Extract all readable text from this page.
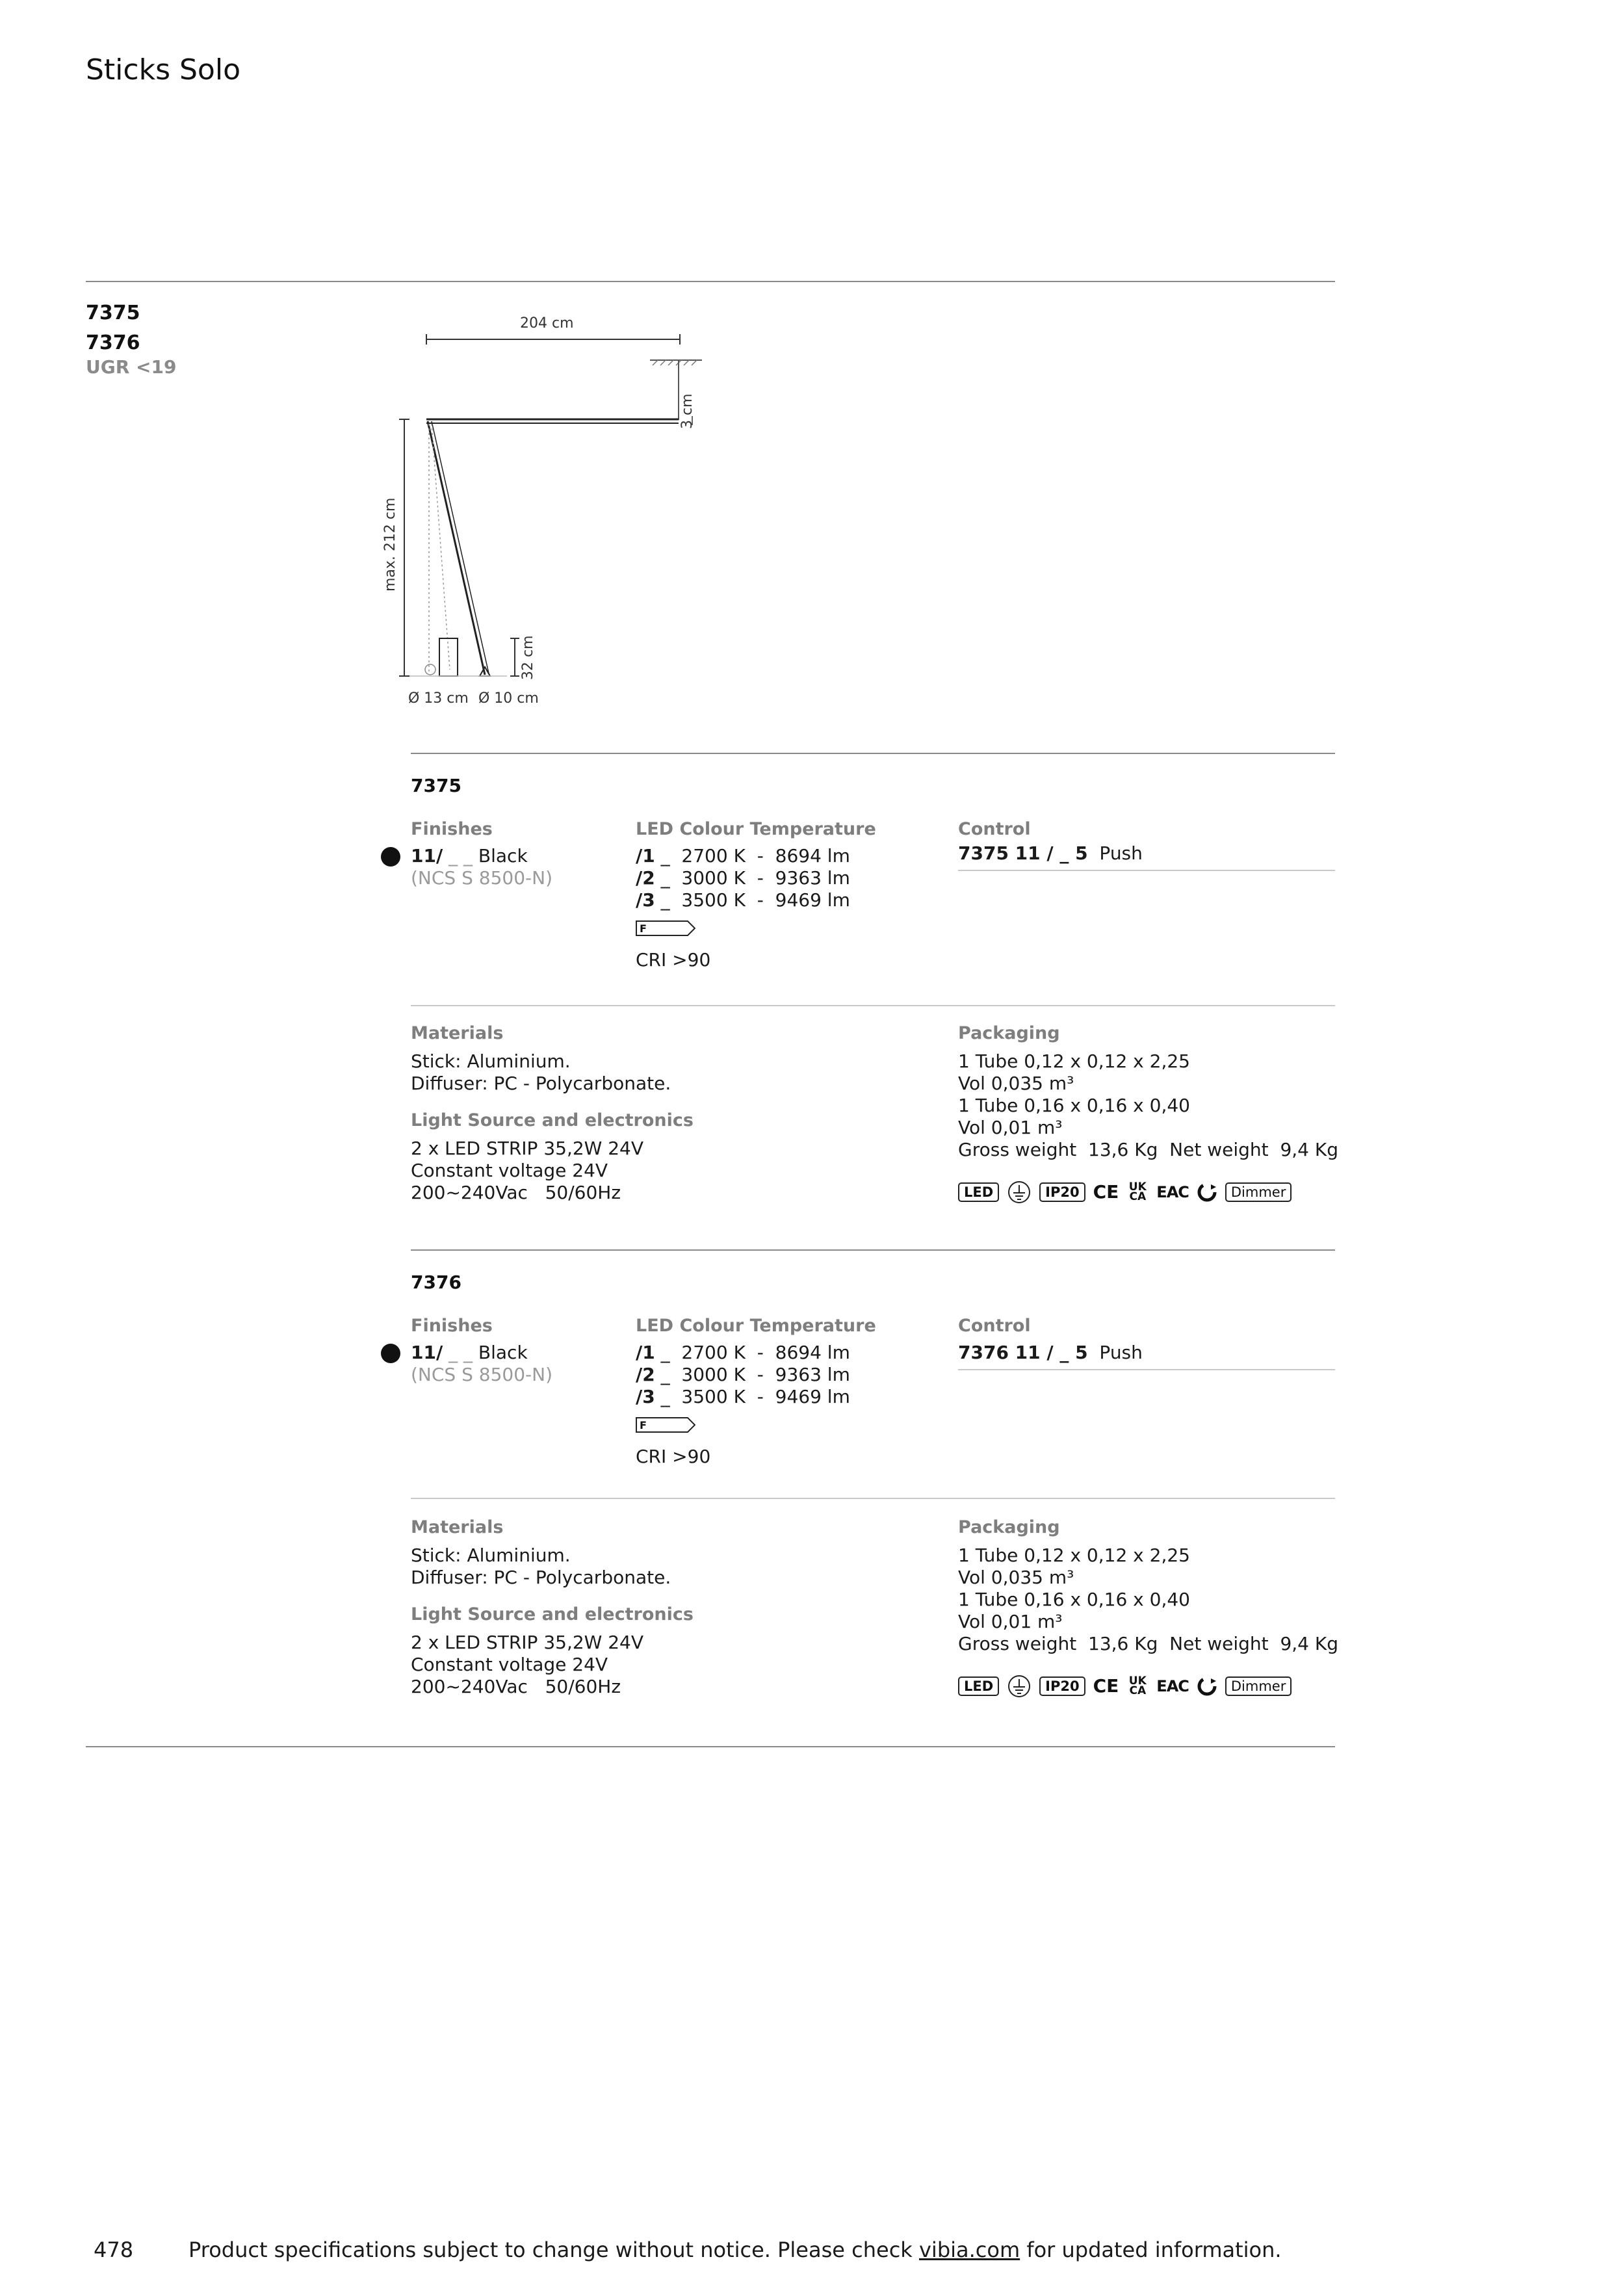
Sticks Solo
7375
7376
UGR <19
204 cm
3 cm
max. 212 cm
32 cm
Ø 13 cm Ø 10 cm
7375
Finishes
11/ _ _ Black
(NCS S 8500-N)
LED Colour Temperature
/1 _  2700 K  -  8694 lm
/2 _  3000 K  -  9363 lm
/3 _  3500 K  -  9469 lm
F
CRI >90
Control
7375 11 / _ 5 Push
Materials
Stick: Aluminium.
Diffuser: PC - Polycarbonate.
Light Source and electronics
2 x LED STRIP 35,2W 24V
Constant voltage 24V
200~240Vac   50/60Hz
Packaging
1 Tube 0,12 x 0,12 x 2,25
Vol 0,035 m³
1 Tube 0,16 x 0,16 x 0,40
Vol 0,01 m³
Gross weight  13,6 Kg  Net weight  9,4 Kg
LED	IP20 CE UK CA EAC	Dimmer
7376
Finishes
11/ _ _ Black
(NCS S 8500-N)
LED Colour Temperature
/1 _  2700 K  -  8694 lm
/2 _  3000 K  -  9363 lm
/3 _  3500 K  -  9469 lm
F
CRI >90
Control
7376 11 / _ 5 Push
Materials
Stick: Aluminium.
Diffuser: PC - Polycarbonate.
Light Source and electronics
2 x LED STRIP 35,2W 24V
Constant voltage 24V
200~240Vac   50/60Hz
Packaging
1 Tube 0,12 x 0,12 x 2,25
Vol 0,035 m³
1 Tube 0,16 x 0,16 x 0,40
Vol 0,01 m³
Gross weight  13,6 Kg  Net weight  9,4 Kg
LED	IP20 CE UK CA EAC	Dimmer
478	Product specifications subject to change without notice. Please check vibia.com for updated information.
